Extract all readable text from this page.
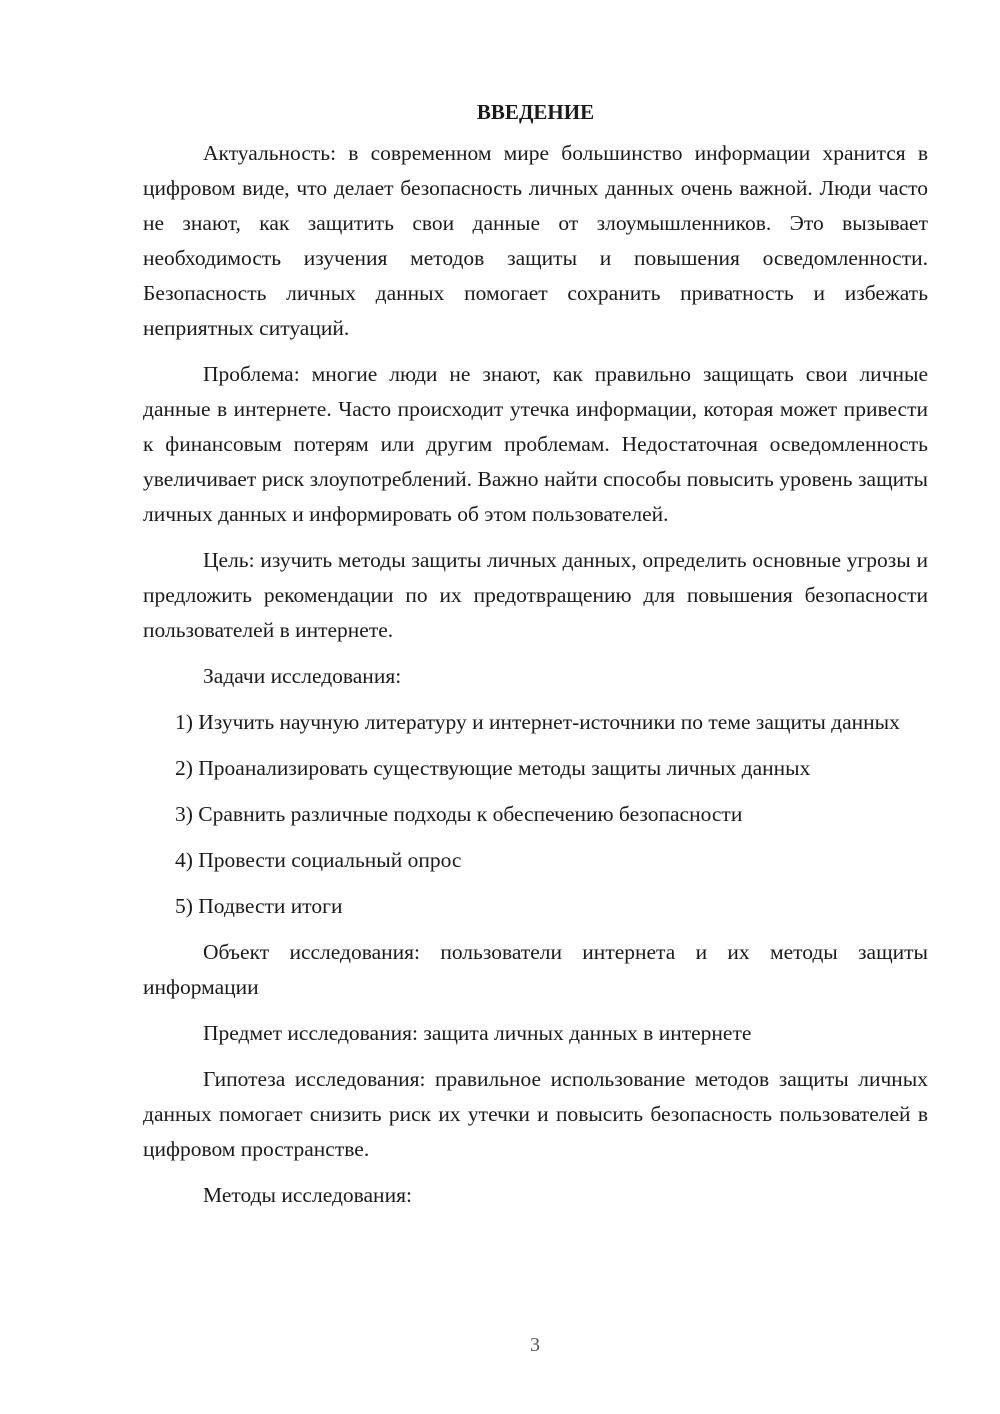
ВВЕДЕНИЕ

Актуальность: в современном мире большинство информации хранится в цифровом виде, что делает безопасность личных данных очень важной. Люди часто не знают, как защитить свои данные от злоумышленников. Это вызывает необходимость изучения методов защиты и повышения осведомленности. Безопасность личных данных помогает сохранить приватность и избежать неприятных ситуаций.

Проблема: многие люди не знают, как правильно защищать свои личные данные в интернете. Часто происходит утечка информации, которая может привести к финансовым потерям или другим проблемам. Недостаточная осведомленность увеличивает риск злоупотреблений. Важно найти способы повысить уровень защиты личных данных и информировать об этом пользователей.

Цель: изучить методы защиты личных данных, определить основные угрозы и предложить рекомендации по их предотвращению для повышения безопасности пользователей в интернете.

Задачи исследования:

1) Изучить научную литературу и интернет-источники по теме защиты данных

2) Проанализировать существующие методы защиты личных данных

3) Сравнить различные подходы к обеспечению безопасности

4) Провести социальный опрос

5) Подвести итоги

Объект исследования: пользователи интернета и их методы защиты информации

Предмет исследования: защита личных данных в интернете

Гипотеза исследования: правильное использование методов защиты личных данных помогает снизить риск их утечки и повысить безопасность пользователей в цифровом пространстве.

Методы исследования:

3
